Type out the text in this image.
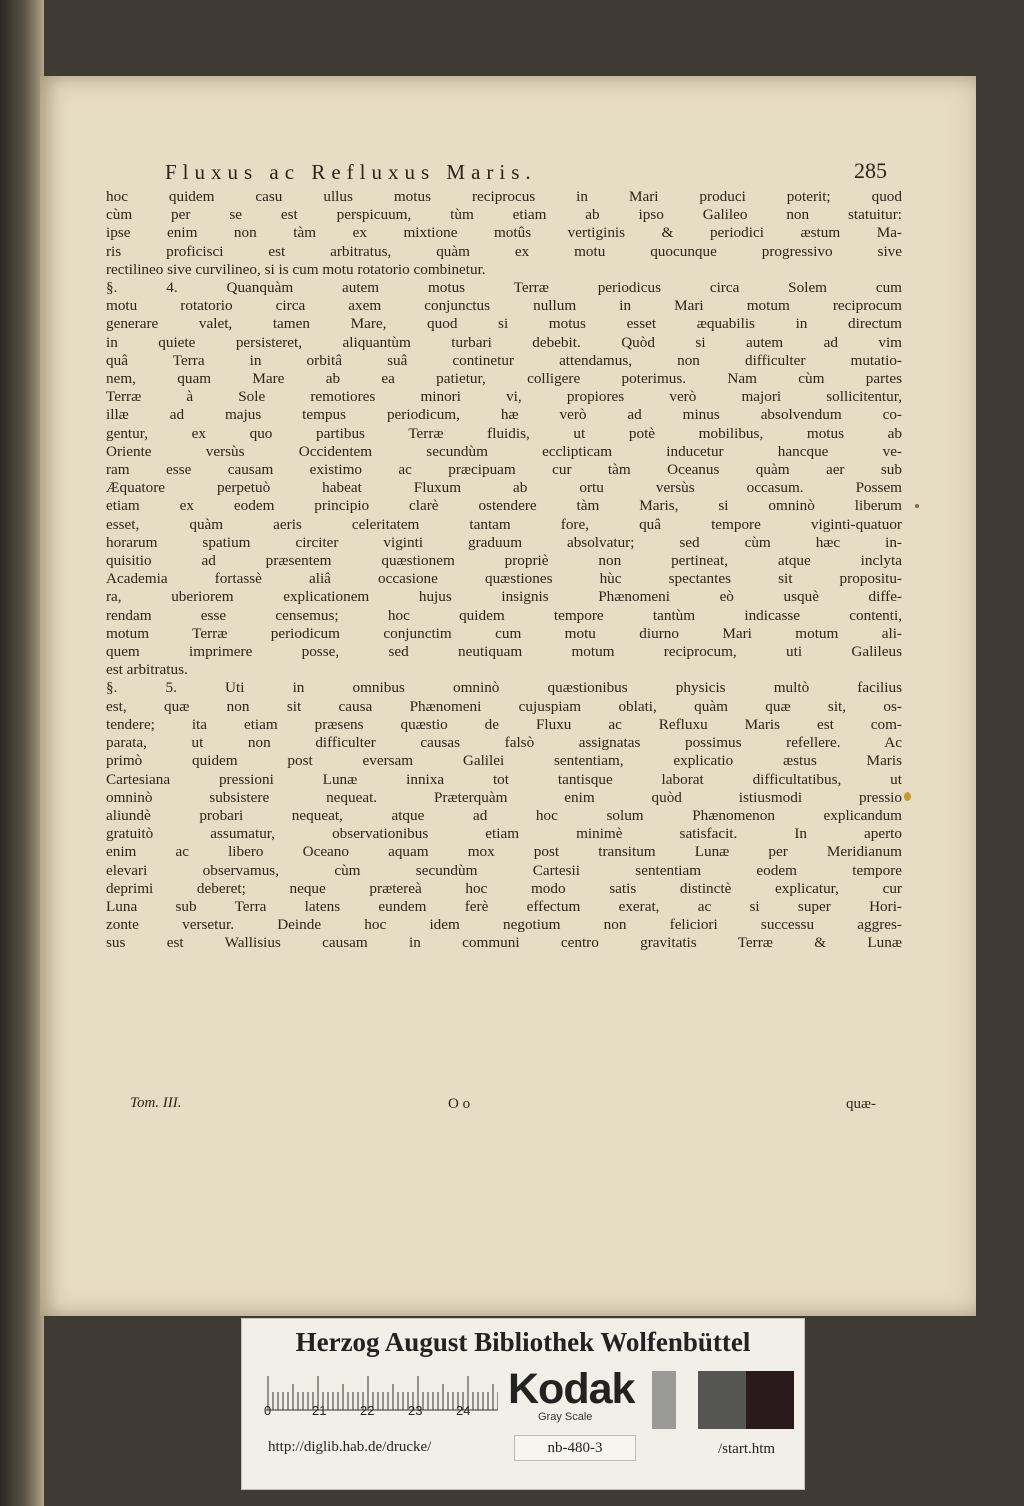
Fluxus ac Refluxus Maris.	285
hoc quidem casu ullus motus reciprocus in Mari produci poterit; quod
cùm per se est perspicuum, tùm etiam ab ipso Galileo non statuitur:
ipse enim non tàm ex mixtione motûs vertiginis & periodici æstum Ma-
ris proficisci est arbitratus, quàm ex motu quocunque progressivo sive
rectilineo sive curvilineo, si is cum motu rotatorio combinetur.
§. 4. Quanquàm autem motus Terræ periodicus circa Solem cum
motu rotatorio circa axem conjunctus nullum in Mari motum reciprocum
generare valet, tamen Mare, quod si motus esset æquabilis in directum
in quiete persisteret, aliquantùm turbari debebit. Quòd si autem ad vim
quâ Terra in orbitâ suâ continetur attendamus, non difficulter mutatio-
nem, quam Mare ab ea patietur, colligere poterimus. Nam cùm partes
Terræ à Sole remotiores minori vi, propiores verò majori sollicitentur,
illæ ad majus tempus periodicum, hæ verò ad minus absolvendum co-
gentur, ex quo partibus Terræ fluidis, ut potè mobilibus, motus ab
Oriente versùs Occidentem secundùm ecclipticam inducetur hancque ve-
ram esse causam existimo ac præcipuam cur tàm Oceanus quàm aer sub
Æquatore perpetuò habeat Fluxum ab ortu versùs occasum. Possem
etiam ex eodem principio clarè ostendere tàm Maris, si omninò liberum
esset, quàm aeris celeritatem tantam fore, quâ tempore viginti-quatuor
horarum spatium circiter viginti graduum absolvatur; sed cùm hæc in-
quisitio ad præsentem quæstionem propriè non pertineat, atque inclyta
Academia fortassè aliâ occasione quæstiones hùc spectantes sit propositu-
ra, uberiorem explicationem hujus insignis Phænomeni eò usquè diffe-
rendam esse censemus; hoc quidem tempore tantùm indicasse contenti,
motum Terræ periodicum conjunctim cum motu diurno Mari motum ali-
quem imprimere posse, sed neutiquam motum reciprocum, uti Galileus
est arbitratus.
§. 5. Uti in omnibus omninò quæstionibus physicis multò facilius
est, quæ non sit causa Phænomeni cujuspiam oblati, quàm quæ sit, os-
tendere; ita etiam præsens quæstio de Fluxu ac Refluxu Maris est com-
parata, ut non difficulter causas falsò assignatas possimus refellere. Ac
primò quidem post eversam Galilei sententiam, explicatio æstus Maris
Cartesiana pressioni Lunæ innixa tot tantisque laborat difficultatibus, ut
omninò subsistere nequeat. Præterquàm enim quòd istiusmodi pressio
aliundè probari nequeat, atque ad hoc solum Phænomenon explicandum
gratuitò assumatur, observationibus etiam minimè satisfacit. In aperto
enim ac libero Oceano aquam mox post transitum Lunæ per Meridianum
elevari observamus, cùm secundùm Cartesii sententiam eodem tempore
deprimi deberet; neque prætereà hoc modo satis distinctè explicatur, cur
Luna sub Terra latens eundem ferè effectum exerat, ac si super Hori-
zonte versetur. Deinde hoc idem negotium non feliciori successu aggres-
sus est Wallisius causam in communi centro gravitatis Terræ & Lunæ
Tom. III.	O o	quæ-
Herzog August Bibliothek Wolfenbüttel
0	21	22	23	24 Kodak
Gray Scale
http://diglib.hab.de/drucke/	nb-480-3	/start.htm
